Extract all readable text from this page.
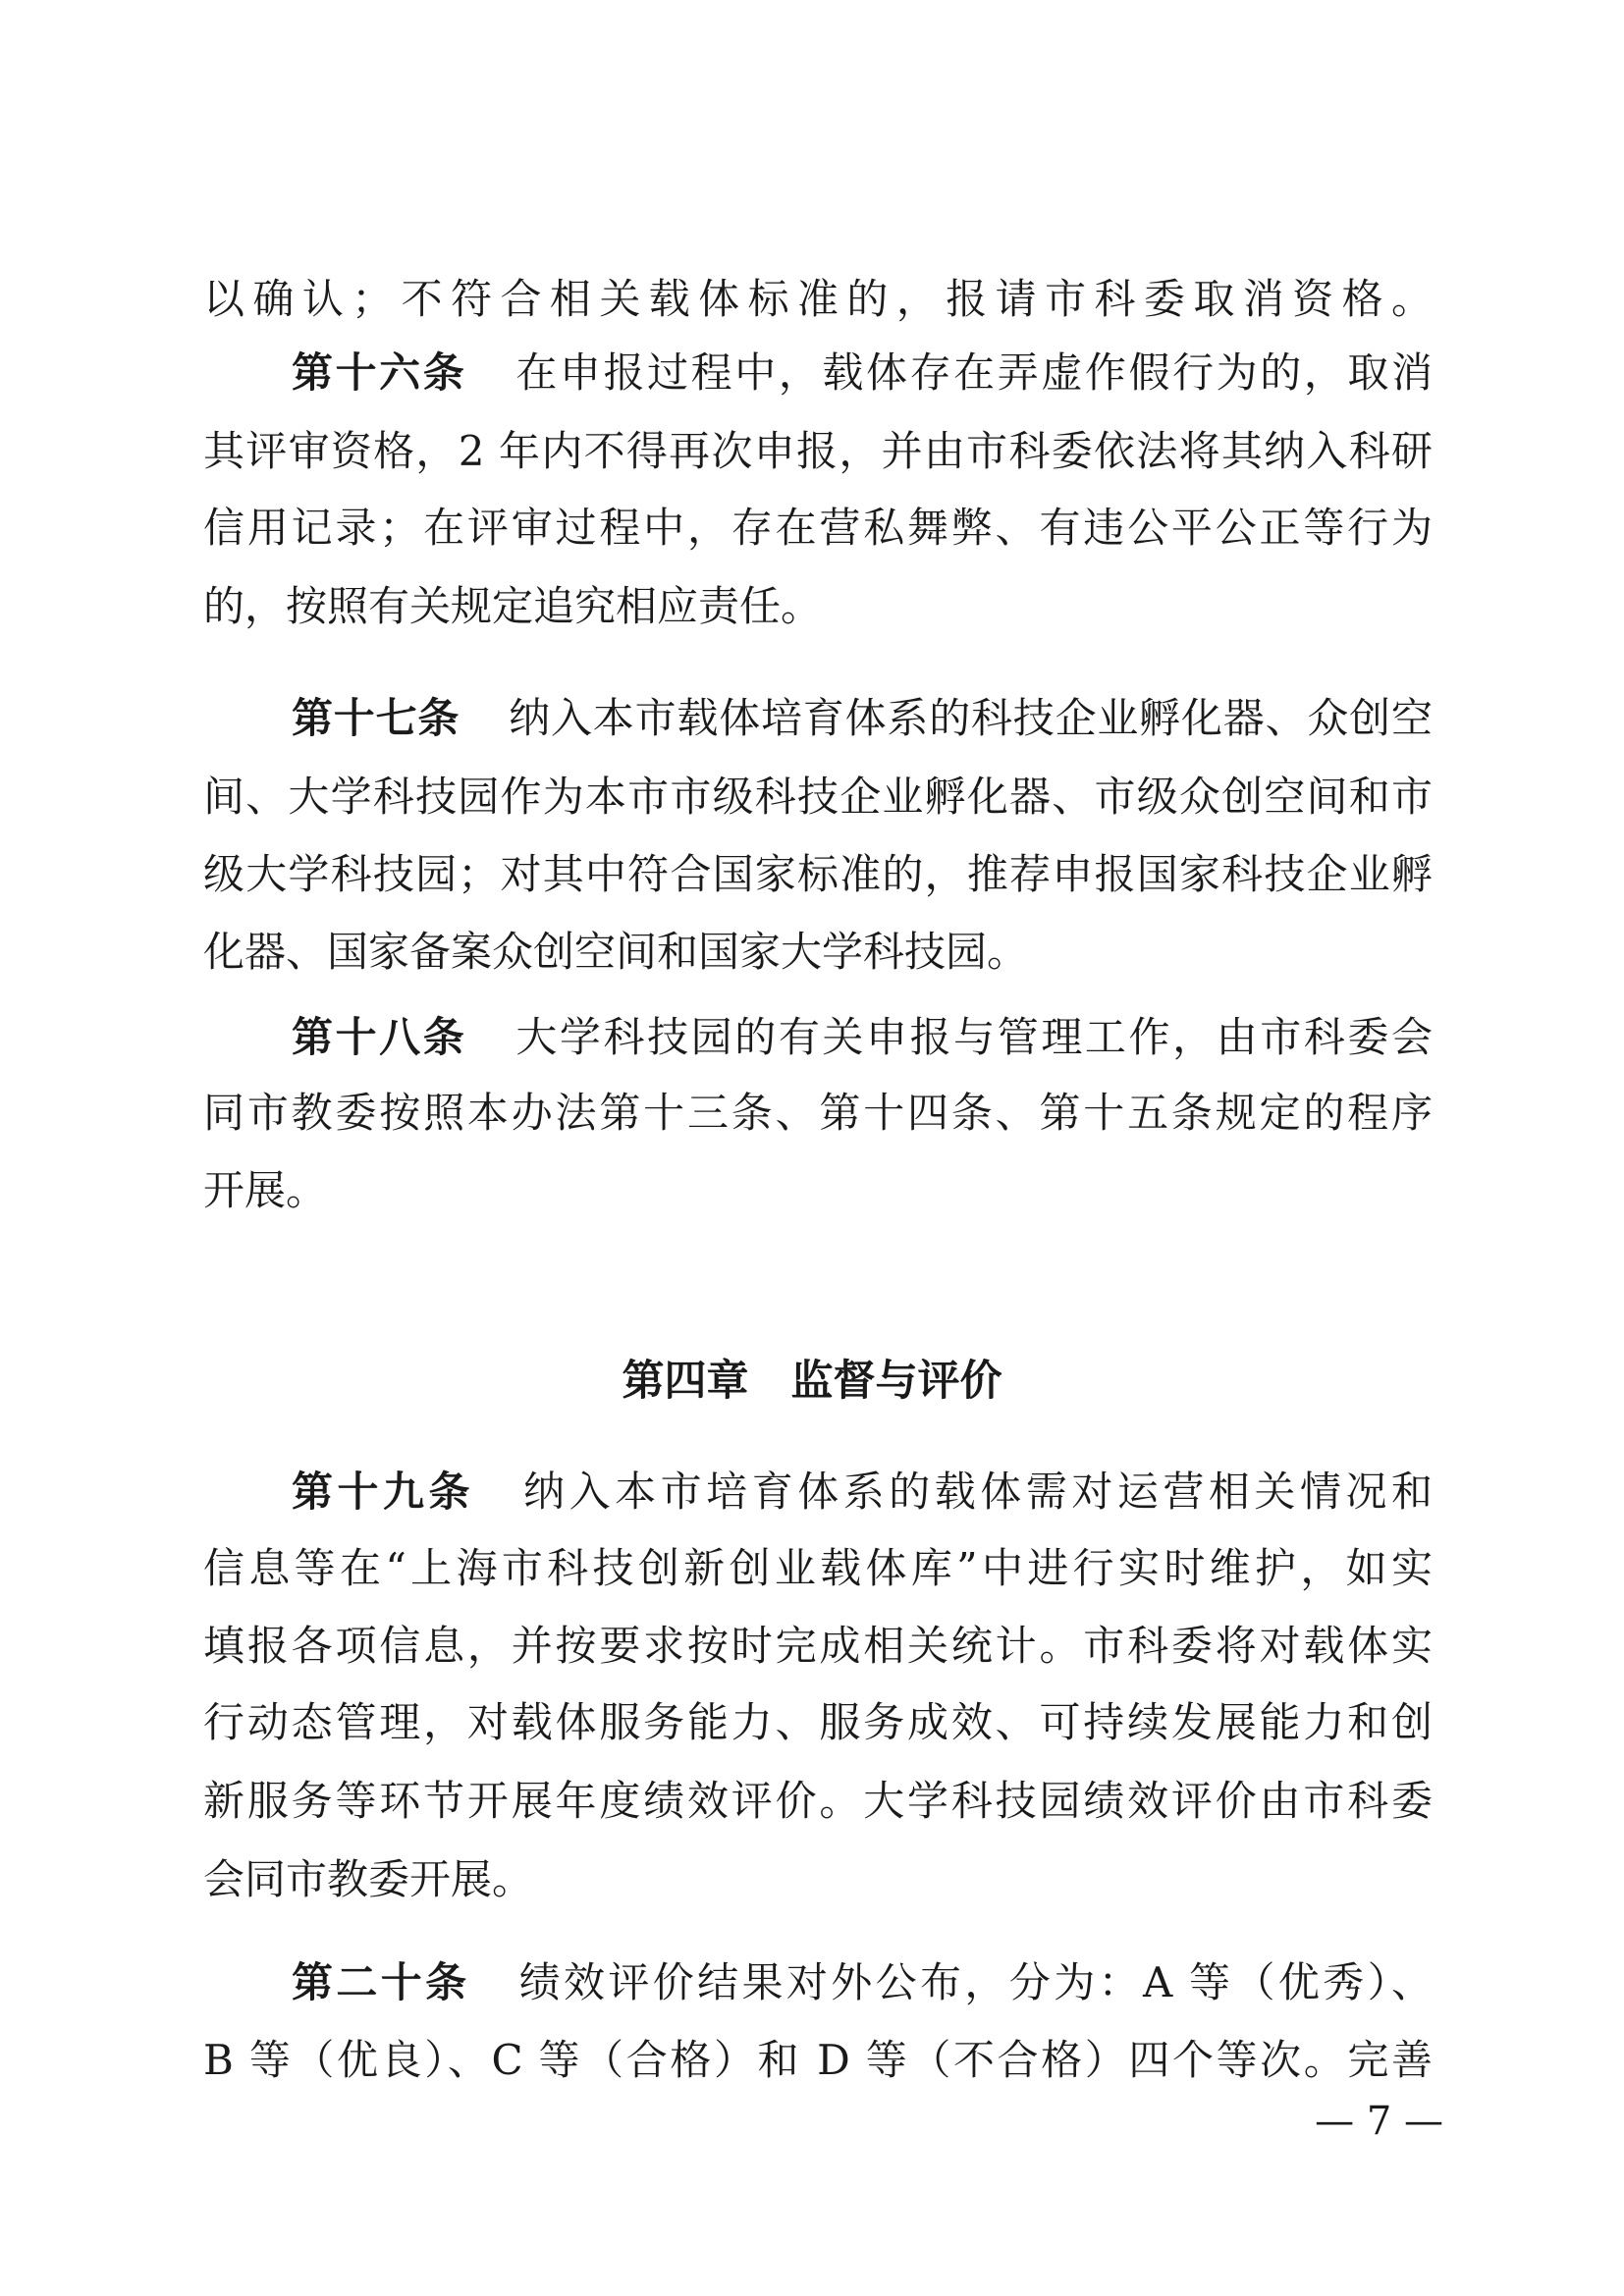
以确认；不符合相关载体标准的，报请市科委取消资格。
第十六条 在申报过程中，载体存在弄虚作假行为的，取消
其评审资格，2 年内不得再次申报，并由市科委依法将其纳入科研
信用记录；在评审过程中，存在营私舞弊、有违公平公正等行为
的，按照有关规定追究相应责任。
第十七条 纳入本市载体培育体系的科技企业孵化器、众创空
间、大学科技园作为本市市级科技企业孵化器、市级众创空间和市
级大学科技园；对其中符合国家标准的，推荐申报国家科技企业孵
化器、国家备案众创空间和国家大学科技园。
第十八条 大学科技园的有关申报与管理工作，由市科委会
同市教委按照本办法第十三条、第十四条、第十五条规定的程序
开展。
第四章　监督与评价
第十九条 纳入本市培育体系的载体需对运营相关情况和
信息等在“上海市科技创新创业载体库”中进行实时维护，如实
填报各项信息，并按要求按时完成相关统计。市科委将对载体实
行动态管理，对载体服务能力、服务成效、可持续发展能力和创
新服务等环节开展年度绩效评价。大学科技园绩效评价由市科委
会同市教委开展。
第二十条 绩效评价结果对外公布，分为：A 等（优秀）、
B 等（优良）、C 等（合格）和 D 等（不合格）四个等次。完善
— 7 —
